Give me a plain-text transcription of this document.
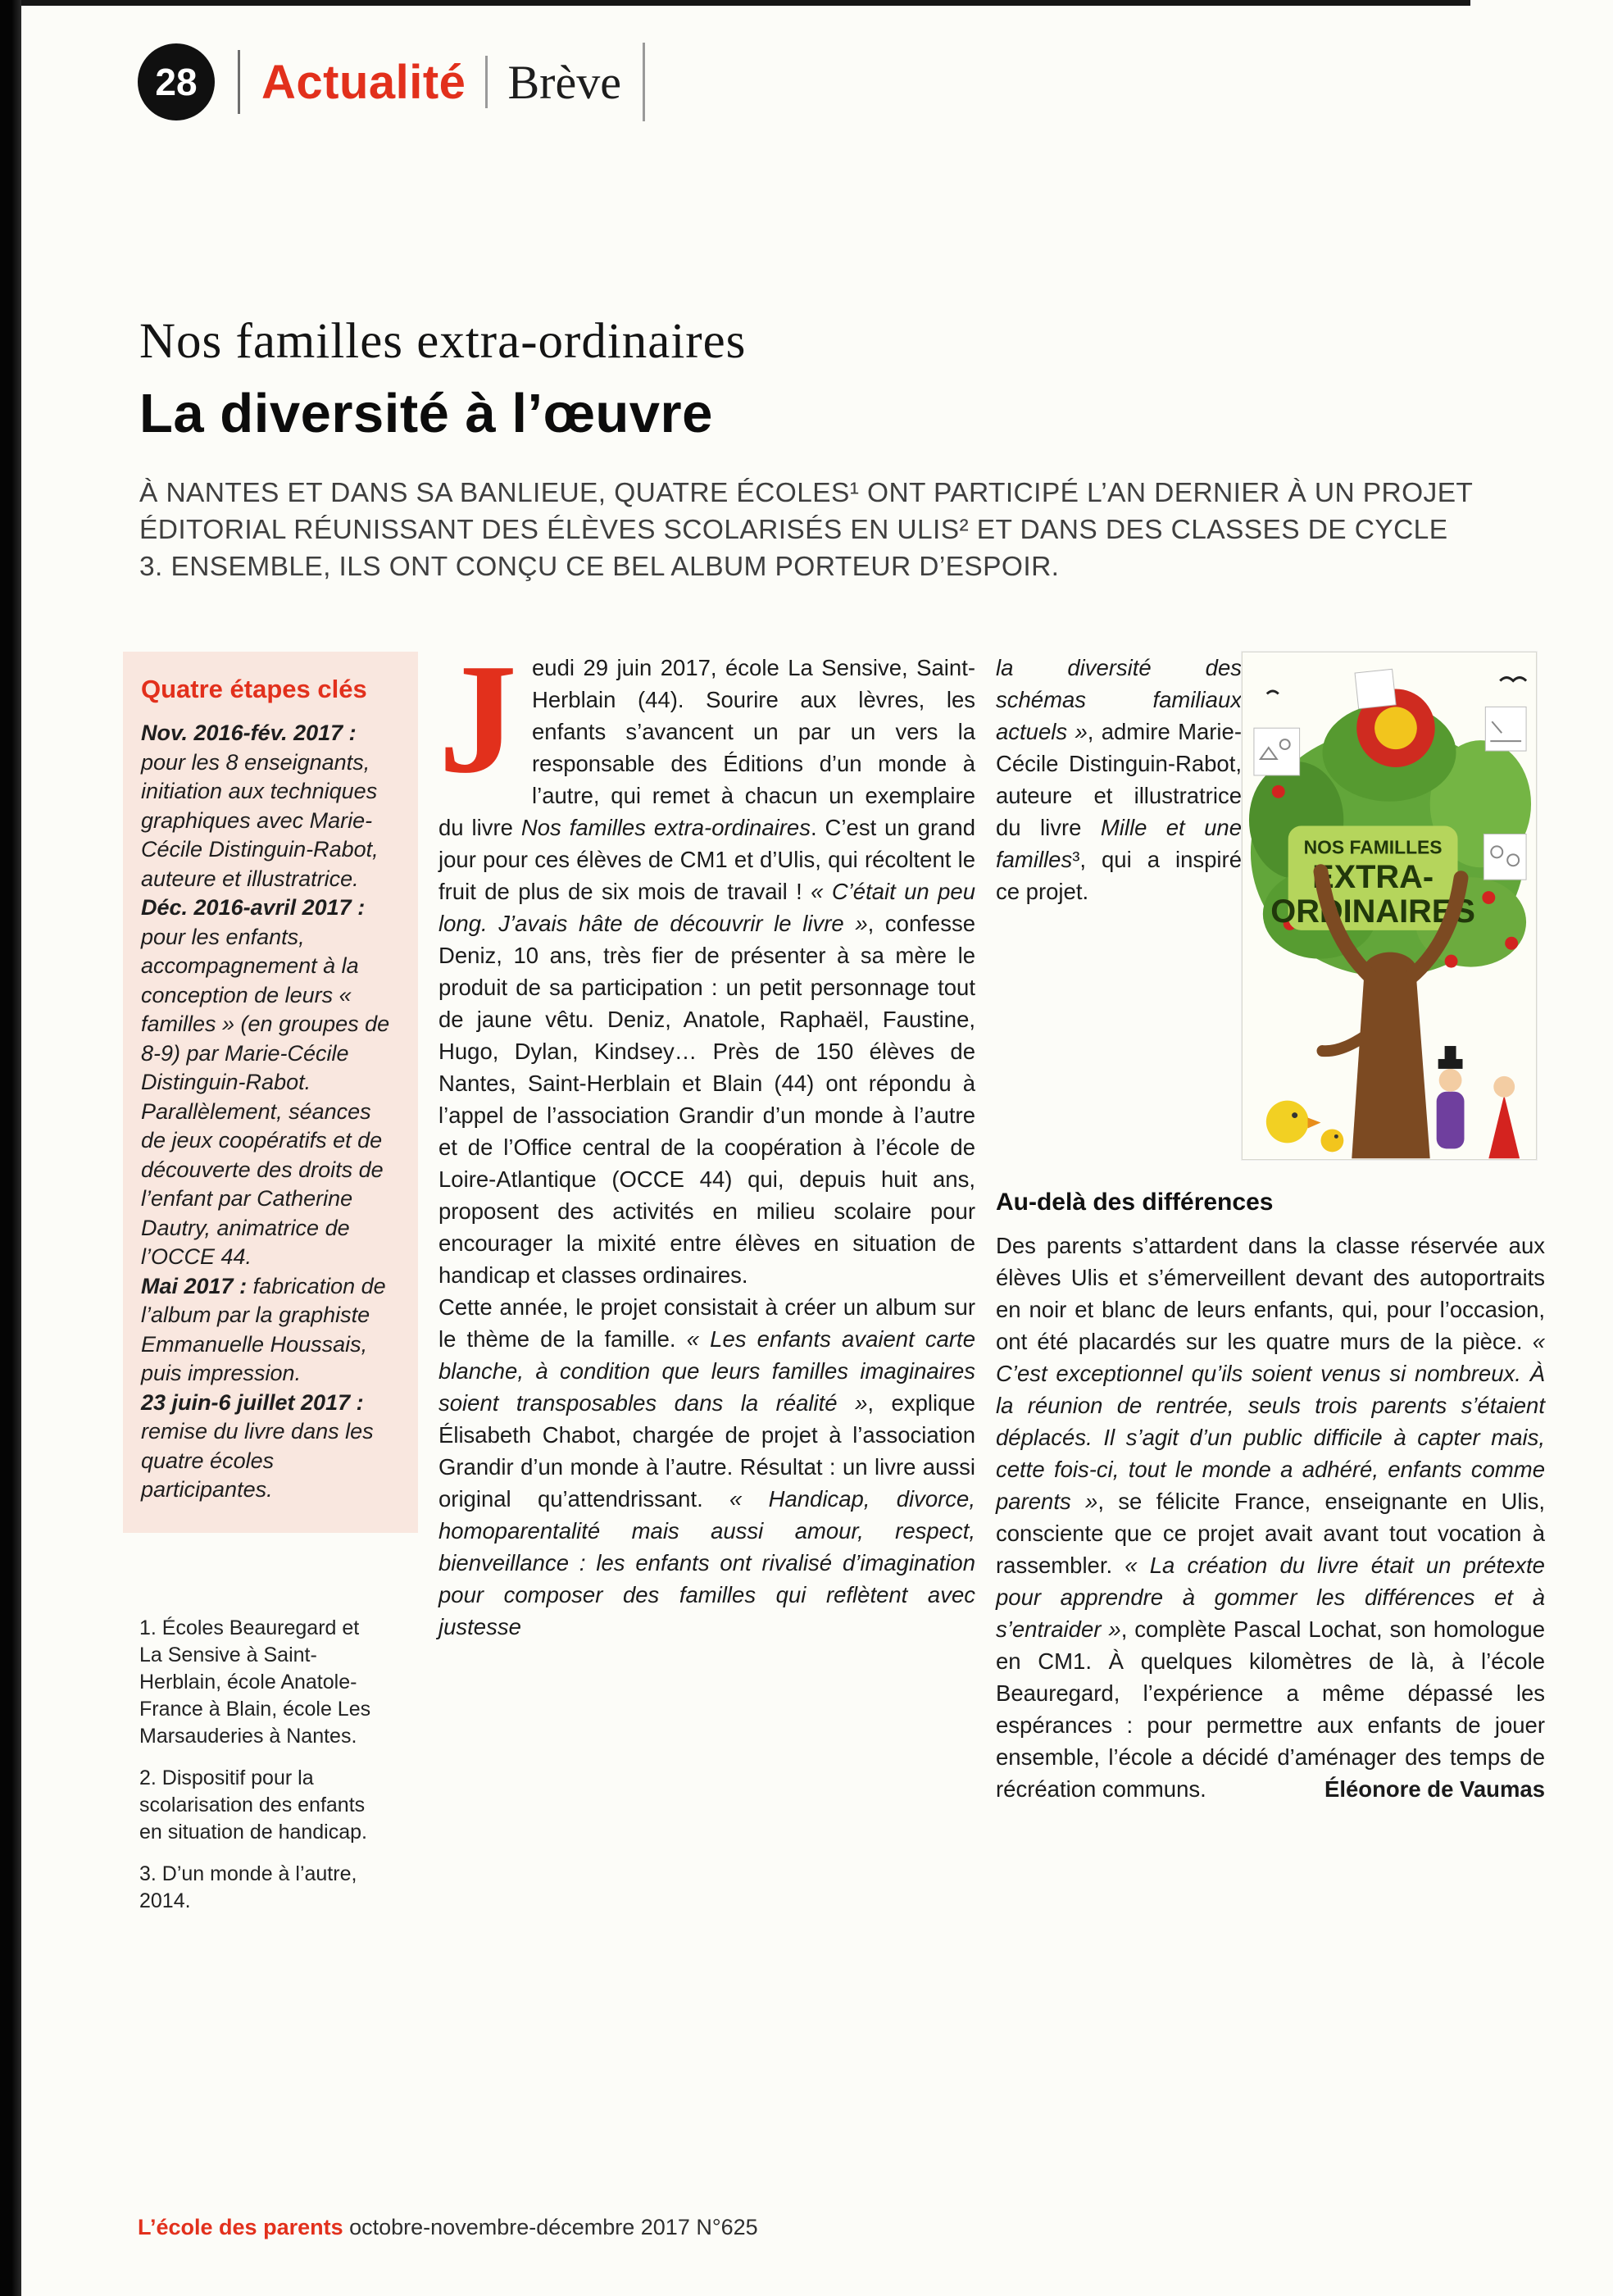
28	Actualité Brève
Nos familles extra-ordinaires
La diversité à l’œuvre
À NANTES ET DANS SA BANLIEUE, QUATRE ÉCOLES¹ ONT PARTICIPÉ L’AN DERNIER À UN PROJET ÉDITORIAL RÉUNISSANT DES ÉLÈVES SCOLARISÉS EN ULIS² ET DANS DES CLASSES DE CYCLE 3. ENSEMBLE, ILS ONT CONÇU CE BEL ALBUM PORTEUR D’ESPOIR.
Quatre étapes clés

Nov. 2016-fév. 2017 : pour les 8 enseignants, initiation aux techniques graphiques avec Marie-Cécile Distinguin-Rabot, auteure et illustratrice.

Déc. 2016-avril 2017 : pour les enfants, accompagnement à la conception de leurs « familles » (en groupes de 8-9) par Marie-Cécile Distinguin-Rabot. Parallèlement, séances de jeux coopératifs et de découverte des droits de l’enfant par Catherine Dautry, animatrice de l’OCCE 44.

Mai 2017 : fabrication de l’album par la graphiste Emmanuelle Houssais, puis impression.

23 juin-6 juillet 2017 : remise du livre dans les quatre écoles participantes.

1. Écoles Beauregard et La Sensive à Saint-Herblain, école Anatole-France à Blain, école Les Marsauderies à Nantes.

2. Dispositif pour la scolarisation des enfants en situation de handicap.

3. D’un monde à l’autre, 2014.

Jeudi 29 juin 2017, école La Sensive, Saint-Herblain (44). Sourire aux lèvres, les enfants s’avancent un par un vers la responsable des Éditions d’un monde à l’autre, qui remet à chacun un exemplaire du livre Nos familles extra-ordinaires. C’est un grand jour pour ces élèves de CM1 et d’Ulis, qui récoltent le fruit de plus de six mois de travail ! « C’était un peu long. J’avais hâte de découvrir le livre », confesse Deniz, 10 ans, très fier de présenter à sa mère le produit de sa participation : un petit personnage tout de jaune vêtu. Deniz, Anatole, Raphaël, Faustine, Hugo, Dylan, Kindsey… Près de 150 élèves de Nantes, Saint-Herblain et Blain (44) ont répondu à l’appel de l’association Grandir d’un monde à l’autre et de l’Office central de la coopération à l’école de Loire-Atlantique (OCCE 44) qui, depuis huit ans, proposent des activités en milieu scolaire pour encourager la mixité entre élèves en situation de handicap et classes ordinaires.

Cette année, le projet consistait à créer un album sur le thème de la famille. « Les enfants avaient carte blanche, à condition que leurs familles imaginaires soient transposables dans la réalité », explique Élisabeth Chabot, chargée de projet à l’association Grandir d’un monde à l’autre. Résultat : un livre aussi original qu’attendrissant. « Handicap, divorce, homoparentalité mais aussi amour, respect, bienveillance : les enfants ont rivalisé d’imagination pour composer des familles qui reflètent avec justesse

la diversité des schémas familiaux actuels », admire Marie-Cécile Distinguin-Rabot, auteure et illustratrice du livre Mille et une familles³, qui a inspiré ce projet.

NOS FAMILLES
EXTRA-
ORDINAIRES
Au-delà des différences

Des parents s’attardent dans la classe réservée aux élèves Ulis et s’émerveillent devant des autoportraits en noir et blanc de leurs enfants, qui, pour l’occasion, ont été placardés sur les quatre murs de la pièce. « C’est exceptionnel qu’ils soient venus si nombreux. À la réunion de rentrée, seuls trois parents s’étaient déplacés. Il s’agit d’un public difficile à capter mais, cette fois-ci, tout le monde a adhéré, enfants comme parents », se félicite France, enseignante en Ulis, consciente que ce projet avait avant tout vocation à rassembler. « La création du livre était un prétexte pour apprendre à gommer les différences et à s’entraider », complète Pascal Lochat, son homologue en CM1. À quelques kilomètres de là, à l’école Beauregard, l’expérience a même dépassé les espérances : pour permettre aux enfants de jouer ensemble, l’école a décidé d’aménager des temps de récréation communs.	Éléonore de Vaumas
L’école des parents octobre-novembre-décembre 2017 N°625
